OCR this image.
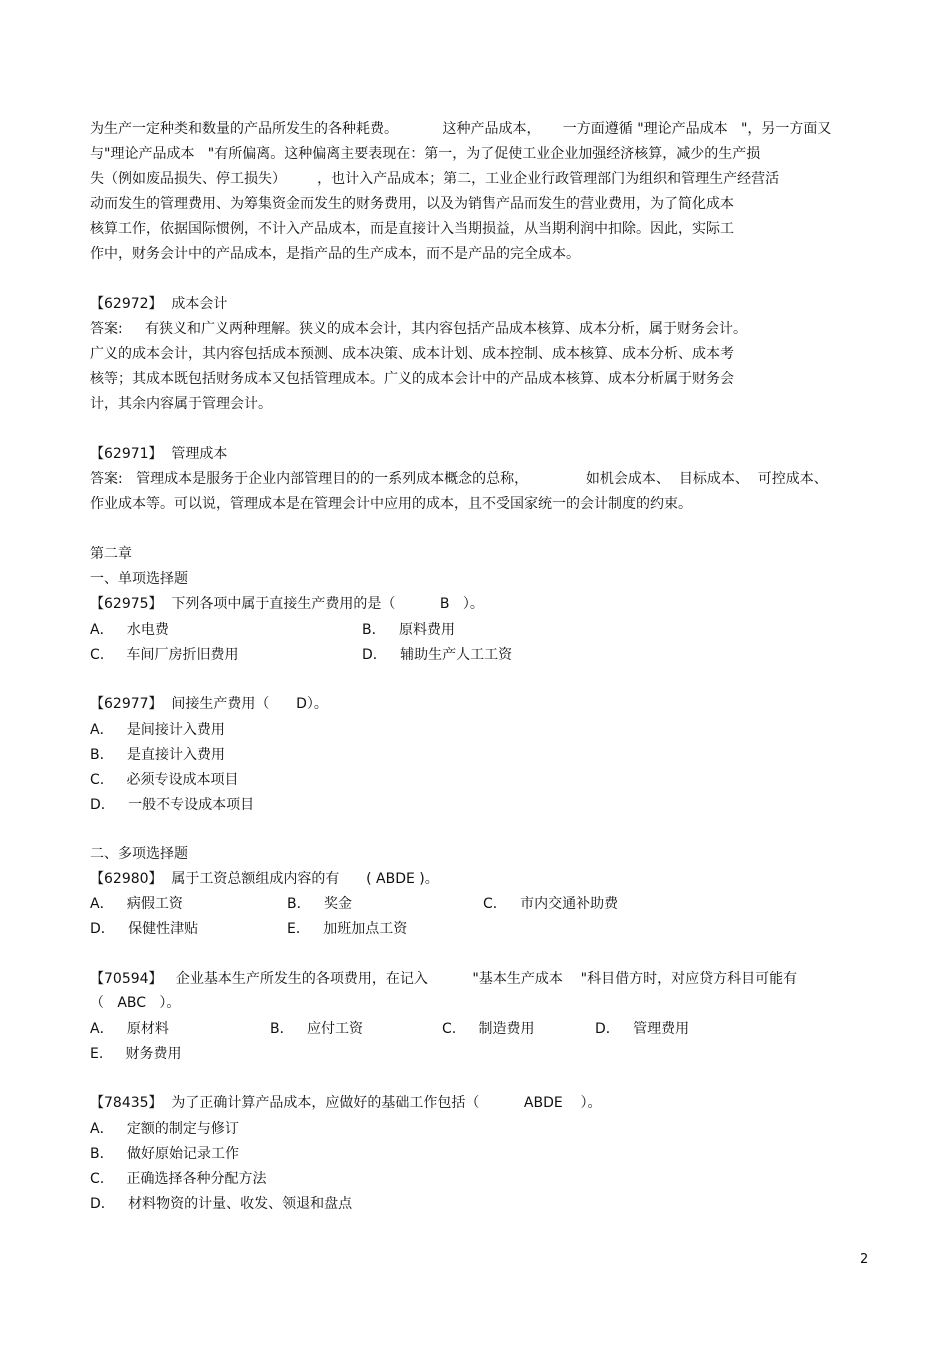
为生产一定种类和数量的产品所发生的各种耗费。          这种产品成本，     一方面遵循 "理论产品成本   "，另一方面又
与"理论产品成本   "有所偏离。这种偏离主要表现在：第一，为了促使工业企业加强经济核算，减少的生产损
失（例如废品损失、停工损失）       ，也计入产品成本；第二，工业企业行政管理部门为组织和管理生产经营活
动而发生的管理费用、为筹集资金而发生的财务费用，以及为销售产品而发生的营业费用，为了简化成本
核算工作，依据国际惯例，不计入产品成本，而是直接计入当期损益，从当期利润中扣除。因此，实际工
作中，财务会计中的产品成本，是指产品的生产成本，而不是产品的完全成本。
【62972】  成本会计
答案:     有狭义和广义两种理解。狭义的成本会计，其内容包括产品成本核算、成本分析，属于财务会计。
广义的成本会计，其内容包括成本预测、成本决策、成本计划、成本控制、成本核算、成本分析、成本考
核等；其成本既包括财务成本又包括管理成本。广义的成本会计中的产品成本核算、成本分析属于财务会
计，其余内容属于管理会计。
【62971】  管理成本
答案:   管理成本是服务于企业内部管理目的的一系列成本概念的总称，             如机会成本、  目标成本、  可控成本、
作业成本等。可以说，管理成本是在管理会计中应用的成本，且不受国家统一的会计制度的约束。
第二章
一、单项选择题
【62975】  下列各项中属于直接生产费用的是（          B   ）。
A．   水电费	B．   原料费用
C.     车间厂房折旧费用	D．   辅助生产人工工资
【62977】  间接生产费用（      D）。
A．   是间接计入费用
B．   是直接计入费用
C.     必须专设成本项目
D．   一般不专设成本项目
二、多项选择题
【62980】  属于工资总额组成内容的有      ( ABDE )。
A．   病假工资	B．   奖金	C．   市内交通补助费
D．   保健性津贴	E．   加班加点工资
【70594】   企业基本生产所发生的各项费用，在记入          "基本生产成本    "科目借方时，对应贷方科目可能有
（   ABC   ）。
A．   原材料	B．   应付工资	C.     制造费用	D．   管理费用
E.     财务费用
【78435】  为了正确计算产品成本，应做好的基础工作包括（          ABDE    ）。
A．   定额的制定与修订
B．   做好原始记录工作
C.     正确选择各种分配方法
D．   材料物资的计量、收发、领退和盘点
2
